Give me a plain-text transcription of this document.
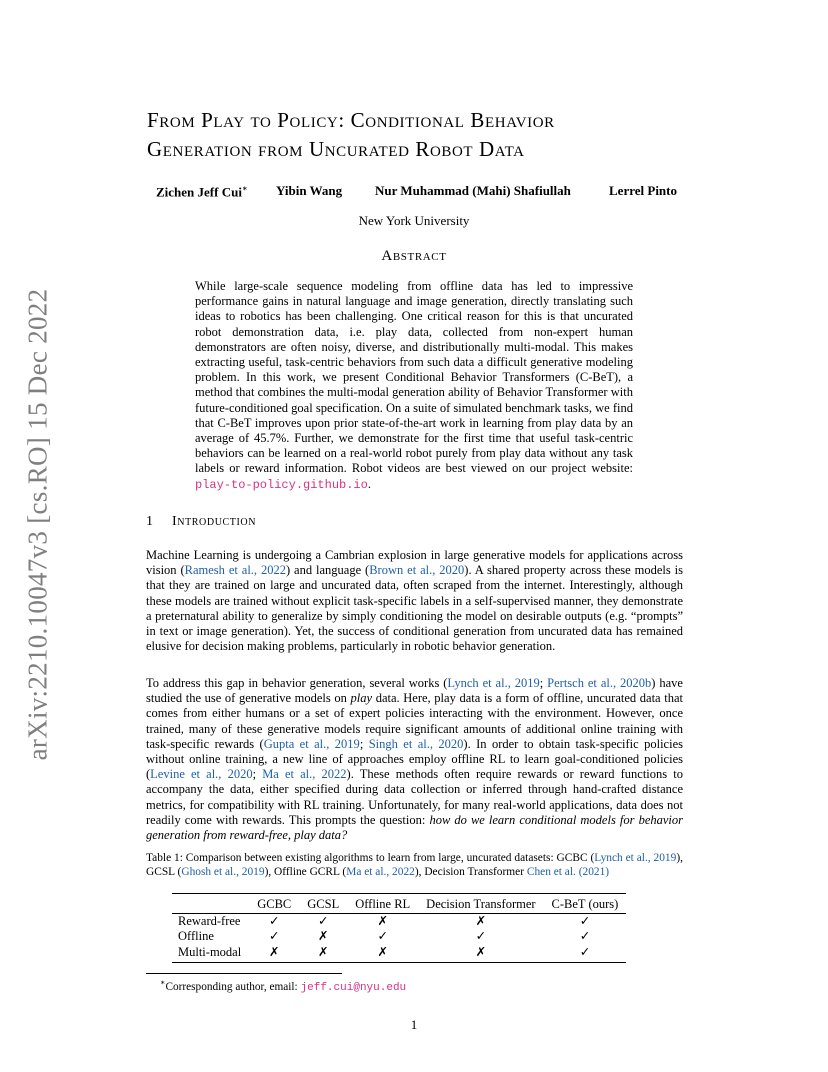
arXiv:2210.10047v3 [cs.RO] 15 Dec 2022
From Play to Policy: Conditional Behavior
Generation from Uncurated Robot Data
Zichen Jeff Cui∗ Yibin Wang	Nur Muhammad (Mahi) Shafiullah	Lerrel Pinto
New York University
Abstract
While large-scale sequence modeling from offline data has led to impressive performance gains in natural language and image generation, directly translating such ideas to robotics has been challenging. One critical reason for this is that uncurated robot demonstration data, i.e. play data, collected from non-expert human demonstrators are often noisy, diverse, and distributionally multi-modal. This makes extracting useful, task-centric behaviors from such data a difficult generative modeling problem. In this work, we present Conditional Behavior Transformers (C-BeT), a method that combines the multi-modal generation ability of Behavior Transformer with future-conditioned goal specification. On a suite of simulated benchmark tasks, we find that C-BeT improves upon prior state-of-the-art work in learning from play data by an average of 45.7%. Further, we demonstrate for the first time that useful task-centric behaviors can be learned on a real-world robot purely from play data without any task labels or reward information. Robot videos are best viewed on our project website: play-to-policy.github.io.
1 Introduction
Machine Learning is undergoing a Cambrian explosion in large generative models for applications across vision (Ramesh et al., 2022) and language (Brown et al., 2020). A shared property across these models is that they are trained on large and uncurated data, often scraped from the internet. Interestingly, although these models are trained without explicit task-specific labels in a self-supervised manner, they demonstrate a preternatural ability to generalize by simply conditioning the model on desirable outputs (e.g. “prompts” in text or image generation). Yet, the success of conditional generation from uncurated data has remained elusive for decision making problems, particularly in robotic behavior generation.
To address this gap in behavior generation, several works (Lynch et al., 2019; Pertsch et al., 2020b) have studied the use of generative models on play data. Here, play data is a form of offline, uncurated data that comes from either humans or a set of expert policies interacting with the environment. However, once trained, many of these generative models require significant amounts of additional online training with task-specific rewards (Gupta et al., 2019; Singh et al., 2020). In order to obtain task-specific policies without online training, a new line of approaches employ offline RL to learn goal-conditioned policies (Levine et al., 2020; Ma et al., 2022). These methods often require rewards or reward functions to accompany the data, either specified during data collection or inferred through hand-crafted distance metrics, for compatibility with RL training. Unfortunately, for many real-world applications, data does not readily come with rewards. This prompts the question: how do we learn conditional models for behavior generation from reward-free, play data?
Table 1: Comparison between existing algorithms to learn from large, uncurated datasets: GCBC (Lynch et al., 2019), GCSL (Ghosh et al., 2019), Offline GCRL (Ma et al., 2022), Decision Transformer Chen et al. (2021)
	GCBC	GCSL	Offline RL	Decision Transformer	C-BeT (ours)
Reward-free	✓	✓	✗	✗	✓
Offline	✓	✗	✓	✓	✓
Multi-modal	✗	✗	✗	✗	✓
∗Corresponding author, email: jeff.cui@nyu.edu
1
